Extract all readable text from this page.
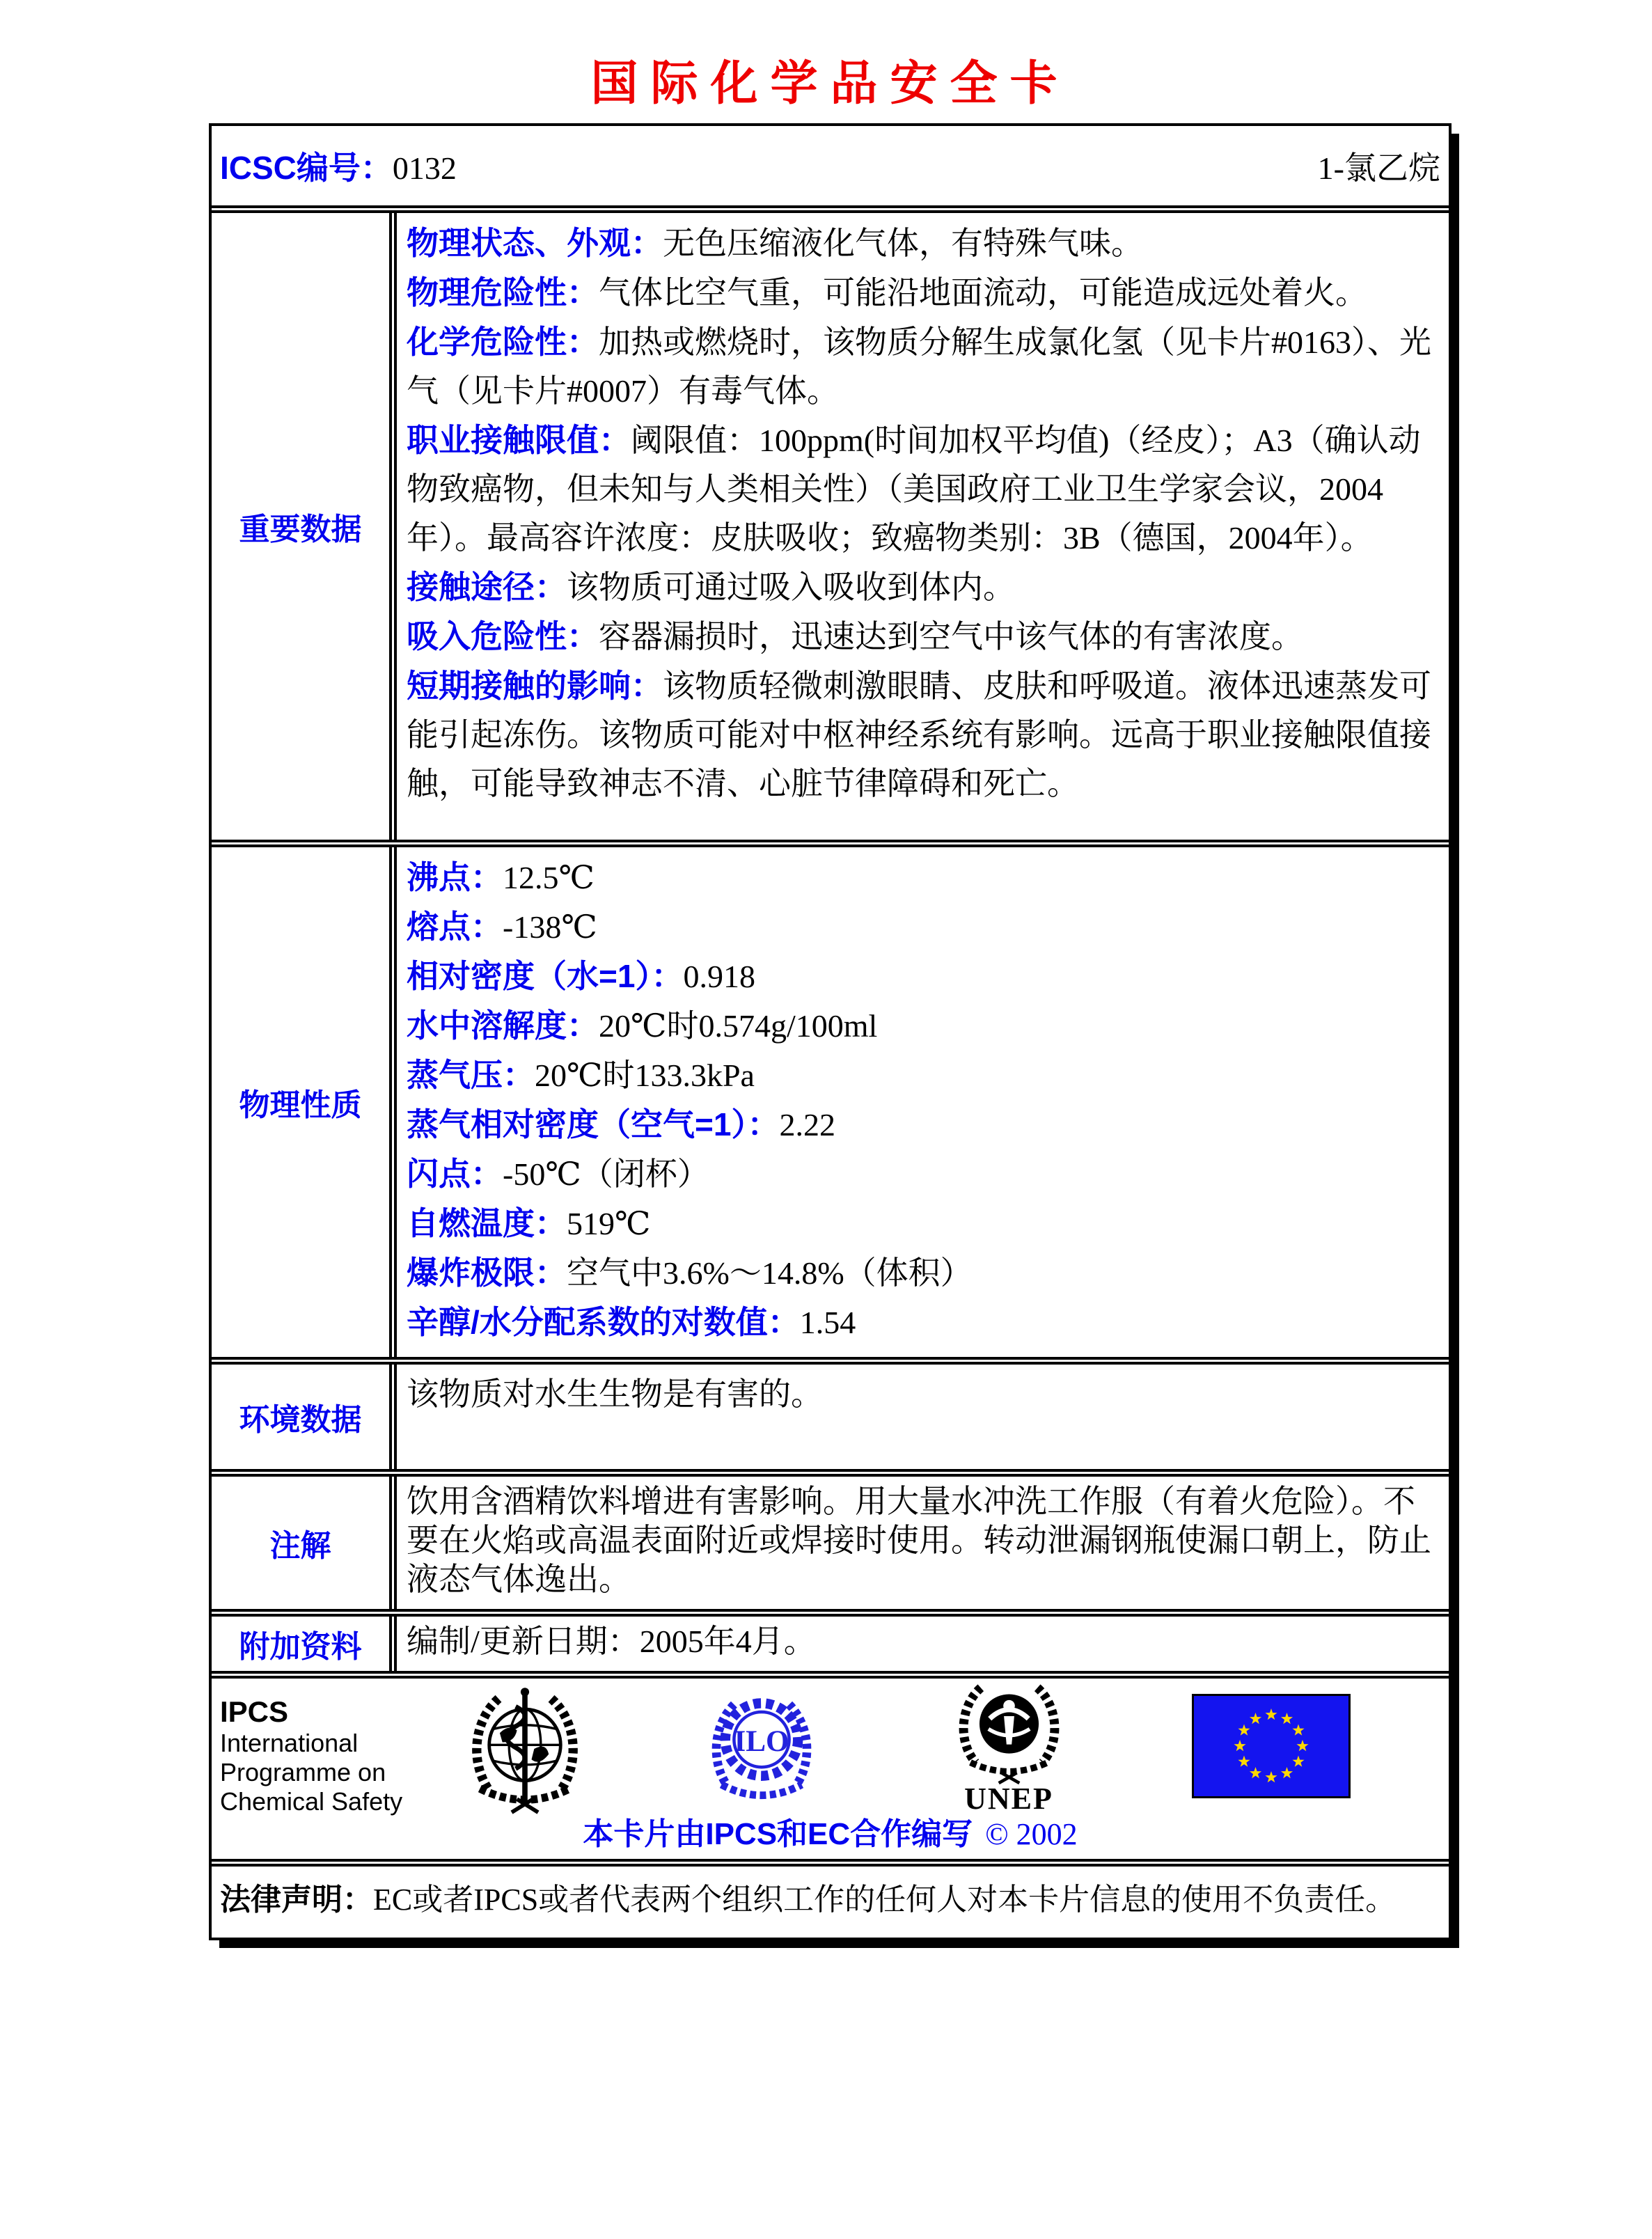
国际化学品安全卡
ICSC编号：0132	1-氯乙烷
重要数据

物理状态、外观：无色压缩液化气体，有特殊气味。

物理危险性：气体比空气重，可能沿地面流动，可能造成远处着火。

化学危险性：加热或燃烧时，该物质分解生成氯化氢（见卡片#0163）、光气（见卡片#0007）有毒气体。

职业接触限值：阈限值：100ppm(时间加权平均值)（经皮）；A3（确认动物致癌物，但未知与人类相关性）（美国政府工业卫生学家会议，2004年）。最高容许浓度：皮肤吸收；致癌物类别：3B（德国，2004年）。

接触途径：该物质可通过吸入吸收到体内。

吸入危险性：容器漏损时，迅速达到空气中该气体的有害浓度。

短期接触的影响：该物质轻微刺激眼睛、皮肤和呼吸道。液体迅速蒸发可能引起冻伤。该物质可能对中枢神经系统有影响。远高于职业接触限值接触，可能导致神志不清、心脏节律障碍和死亡。

物理性质

沸点：12.5℃

熔点：-138℃

相对密度（水=1）：0.918

水中溶解度：20℃时0.574g/100ml

蒸气压：20℃时133.3kPa

蒸气相对密度（空气=1）：2.22

闪点：-50℃（闭杯）

自燃温度：519℃

爆炸极限：空气中3.6%～14.8%（体积）

辛醇/水分配系数的对数值：1.54

环境数据

该物质对水生生物是有害的。

注解

饮用含酒精饮料增进有害影响。用大量水冲洗工作服（有着火危险）。不要在火焰或高温表面附近或焊接时使用。转动泄漏钢瓶使漏口朝上，防止液态气体逸出。

附加资料	编制/更新日期：2005年4月。

IPCS
International
Programme on
Chemical Safety
ILO
UNEP
本卡片由IPCS和EC合作编写 © 2002
法律声明：EC或者IPCS或者代表两个组织工作的任何人对本卡片信息的使用不负责任。
